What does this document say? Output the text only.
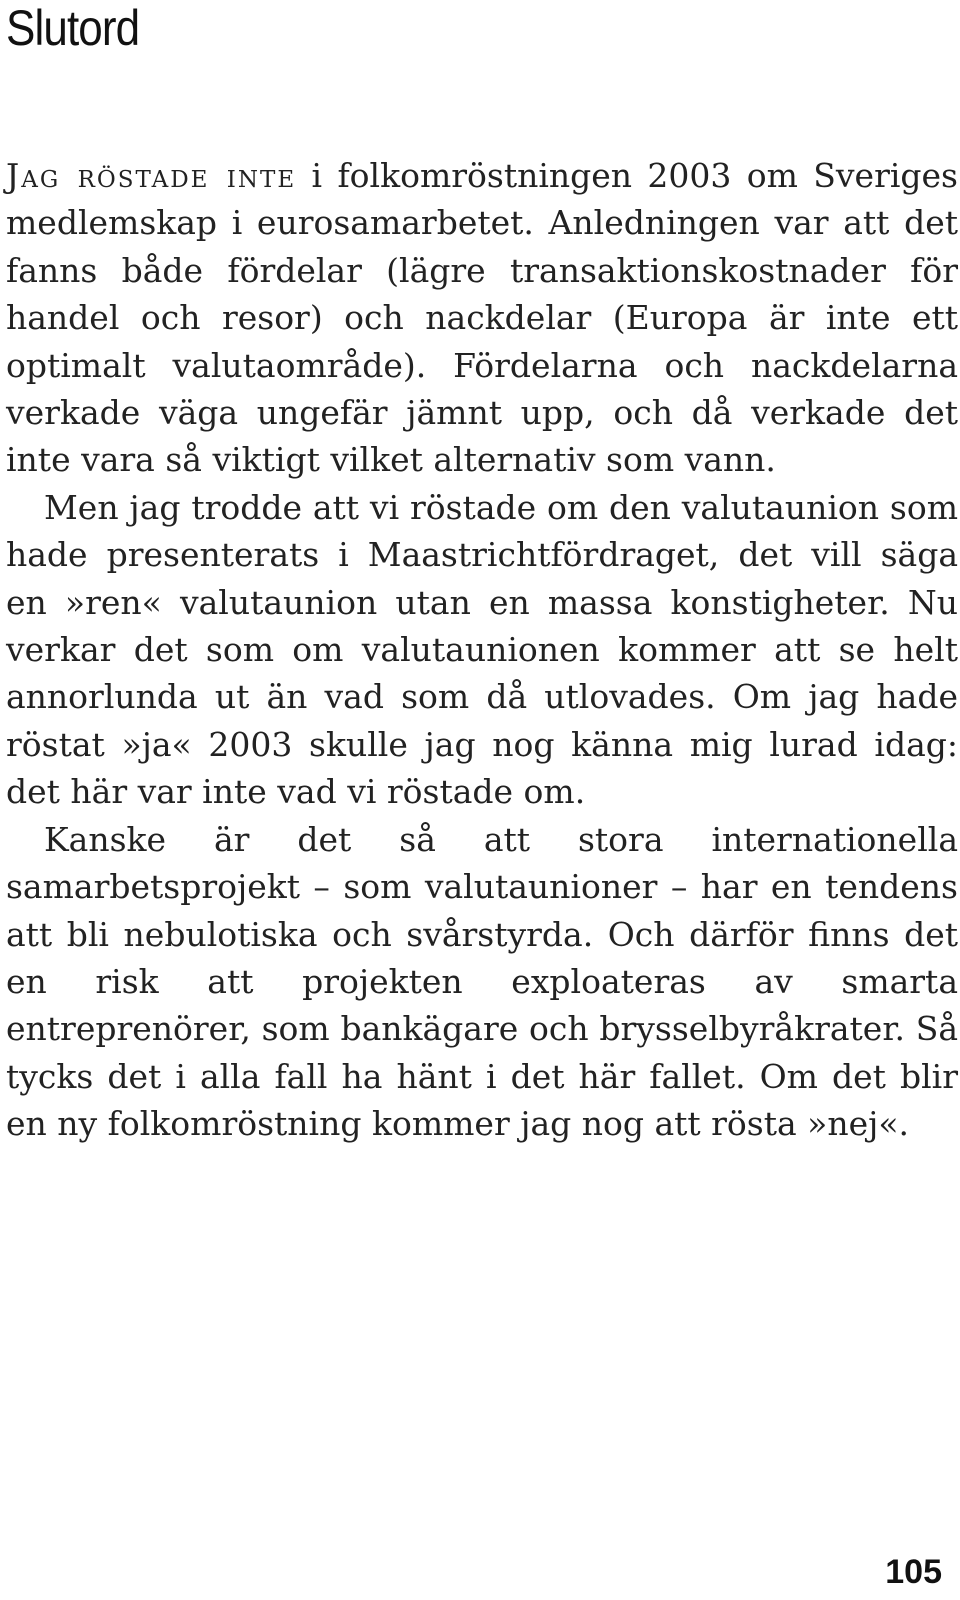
Slutord

Jag röstade inte i folkomröstningen 2003 om Sveriges medlemskap i eurosamarbetet. Anledningen var att det fanns både fördelar (lägre transaktionskostnader för handel och resor) och nackdelar (Europa är inte ett optimalt valutaområde). Fördelarna och nackdelarna verkade väga ungefär jämnt upp, och då verkade det inte vara så viktigt vilket alternativ som vann.

Men jag trodde att vi röstade om den valutaunion som hade presenterats i Maastrichtfördraget, det vill säga en »ren« valutaunion utan en massa konstigheter. Nu verkar det som om valutaunionen kommer att se helt annorlunda ut än vad som då utlovades. Om jag hade röstat »ja« 2003 skulle jag nog känna mig lurad idag: det här var inte vad vi röstade om.

Kanske är det så att stora internationella samarbetsprojekt – som valutaunioner – har en tendens att bli nebulotiska och svårstyrda. Och därför finns det en risk att projekten exploateras av smarta entreprenörer, som bankägare och brysselbyråkrater. Så tycks det i alla fall ha hänt i det här fallet. Om det blir en ny folkomröstning kommer jag nog att rösta »nej«.

105
